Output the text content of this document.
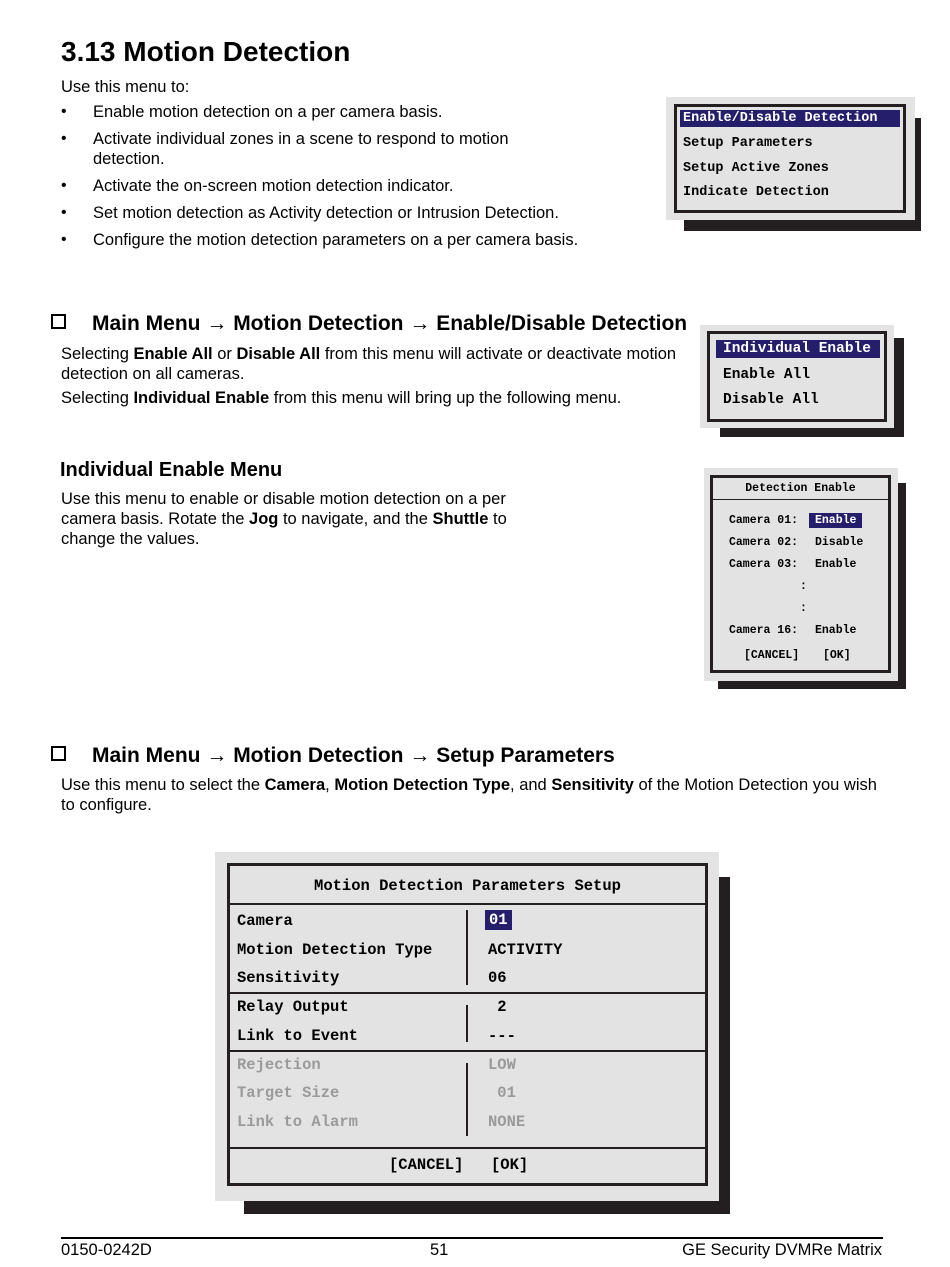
3.13 Motion Detection
Use this menu to:
• Enable motion detection on a per camera basis.
• Activate individual zones in a scene to respond to motion detection.
• Activate the on-screen motion detection indicator.
• Set motion detection as Activity detection or Intrusion Detection.
• Configure the motion detection parameters on a per camera basis.
Enable/Disable Detection
Setup Parameters
Setup Active Zones
Indicate Detection
Main Menu → Motion Detection → Enable/Disable Detection
Selecting Enable All or Disable All from this menu will activate or deactivate motion detection on all cameras.
Selecting Individual Enable from this menu will bring up the following menu.
Individual Enable
Enable All
Disable All
Individual Enable Menu
Use this menu to enable or disable motion detection on a per camera basis. Rotate the Jog to navigate, and the Shuttle to change the values.
Detection Enable
Camera 01:	Enable
Camera 02: Disable
Camera 03: Enable
:
:
Camera 16: Enable
[CANCEL] [OK]
Main Menu → Motion Detection → Setup Parameters
Use this menu to select the Camera, Motion Detection Type, and Sensitivity of the Motion Detection you wish to configure.
Motion Detection Parameters Setup
Camera	01
Motion Detection Type	ACTIVITY
Sensitivity	06
Relay Output	2
Link to Event	---
Rejection	LOW
Target Size	01
Link to Alarm	NONE
[CANCEL] [OK]
0150-0242D	51	GE Security DVMRe Matrix
